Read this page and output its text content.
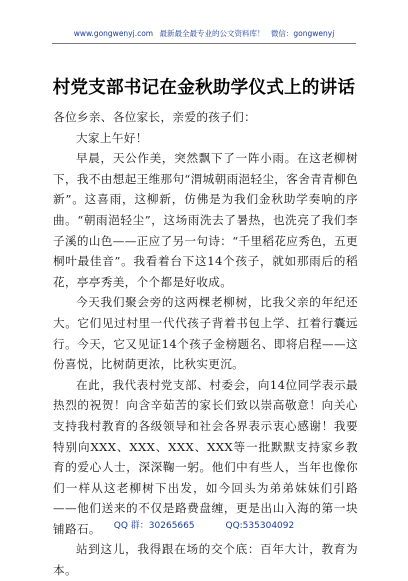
www.gongwenyj.com 最新最全最专业的公文资料库！ 微信：gongwenyj
村党支部书记在金秋助学仪式上的讲话

各位乡亲、各位家长，亲爱的孩子们：

大家上午好！

早晨，天公作美，突然飘下了一阵小雨。在这老柳树下，我不由想起王维那句“渭城朝雨浥轻尘，客舍青青柳色新”。这喜雨，这柳新，仿佛是为我们金秋助学奏响的序曲。“朝雨浥轻尘”，这场雨洗去了暑热，也洗亮了我们李子溪的山色——正应了另一句诗：“千里稻花应秀色，五更桐叶最佳音”。我看着台下这14个孩子，就如那雨后的稻花，亭亭秀美，个个都是好收成。

今天我们聚会旁的这两棵老柳树，比我父亲的年纪还大。它们见过村里一代代孩子背着书包上学、扛着行囊远行。今天，它又见证14个孩子金榜题名、即将启程——这份喜悦，比树荫更浓，比秋实更沉。

在此，我代表村党支部、村委会，向14位同学表示最热烈的祝贺！向含辛茹苦的家长们致以崇高敬意！向关心支持我村教育的各级领导和社会各界表示衷心感谢！我要特别向XXX、XXX、XXX、XXX等一批默默支持家乡教育的爱心人士，深深鞠一躬。他们中有些人，当年也像你们一样从这老柳树下出发，如今回头为弟弟妹妹们引路——他们送来的不仅是路费盘缠，更是出山入海的第一块铺路石。

站到这儿，我得跟在场的交个底：百年大计，教育为本。

QQ 群：30265665	QQ:535304092
